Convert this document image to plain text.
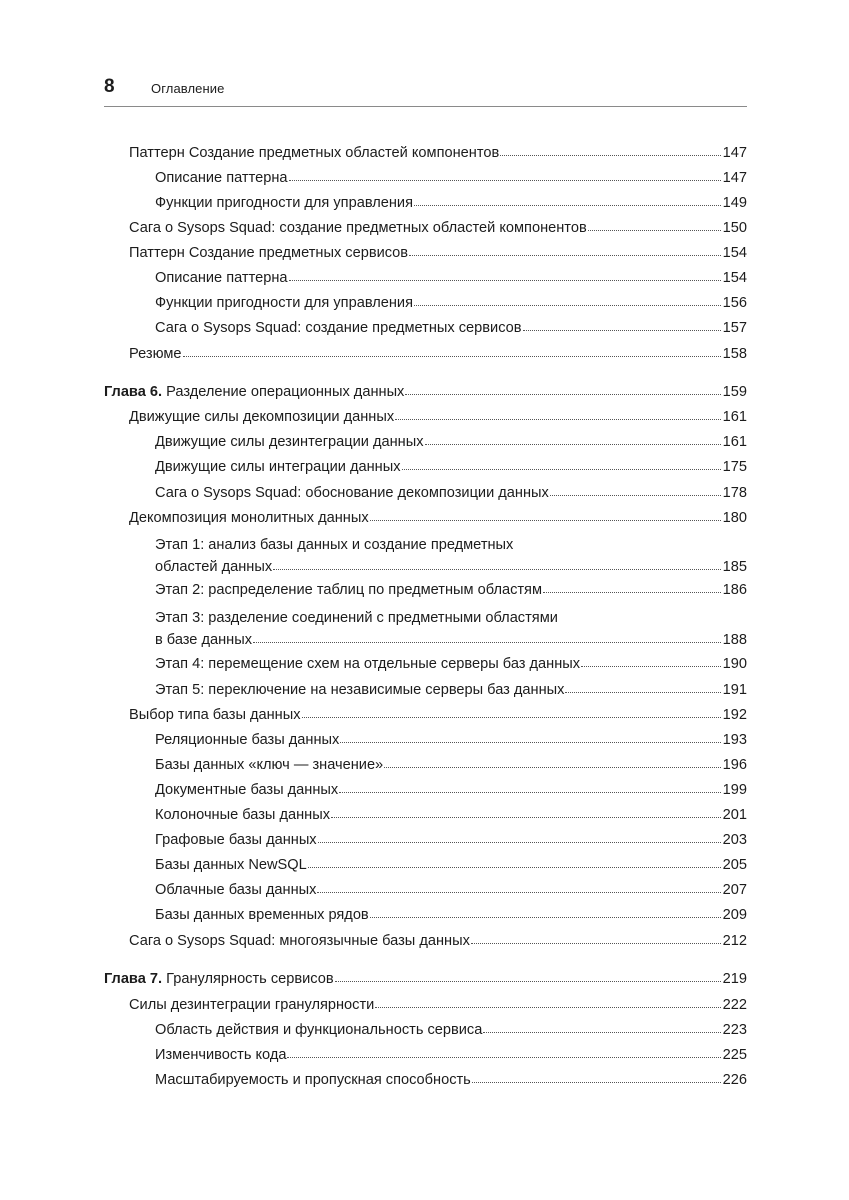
8	Оглавление
Паттерн Создание предметных областей компонентов	147
Описание паттерна	147
Функции пригодности для управления	149
Сага о Sysops Squad: создание предметных областей компонентов	150
Паттерн Создание предметных сервисов	154
Описание паттерна	154
Функции пригодности для управления	156
Сага о Sysops Squad: создание предметных сервисов	157
Резюме	158
Глава 6. Разделение операционных данных	159
Движущие силы декомпозиции данных	161
Движущие силы дезинтеграции данных	161
Движущие силы интеграции данных	175
Сага о Sysops Squad: обоснование декомпозиции данных	178
Декомпозиция монолитных данных	180
Этап 1: анализ базы данных и создание предметных
областей данных	185
Этап 2: распределение таблиц по предметным областям	186
Этап 3: разделение соединений с предметными областями
в базе данных	188
Этап 4: перемещение схем на отдельные серверы баз данных	190
Этап 5: переключение на независимые серверы баз данных	191
Выбор типа базы данных	192
Реляционные базы данных	193
Базы данных «ключ — значение»	196
Документные базы данных	199
Колоночные базы данных	201
Графовые базы данных	203
Базы данных NewSQL	205
Облачные базы данных	207
Базы данных временных рядов	209
Сага о Sysops Squad: многоязычные базы данных	212
Глава 7. Гранулярность сервисов	219
Силы дезинтеграции гранулярности	222
Область действия и функциональность сервиса	223
Изменчивость кода	225
Масштабируемость и пропускная способность	226
